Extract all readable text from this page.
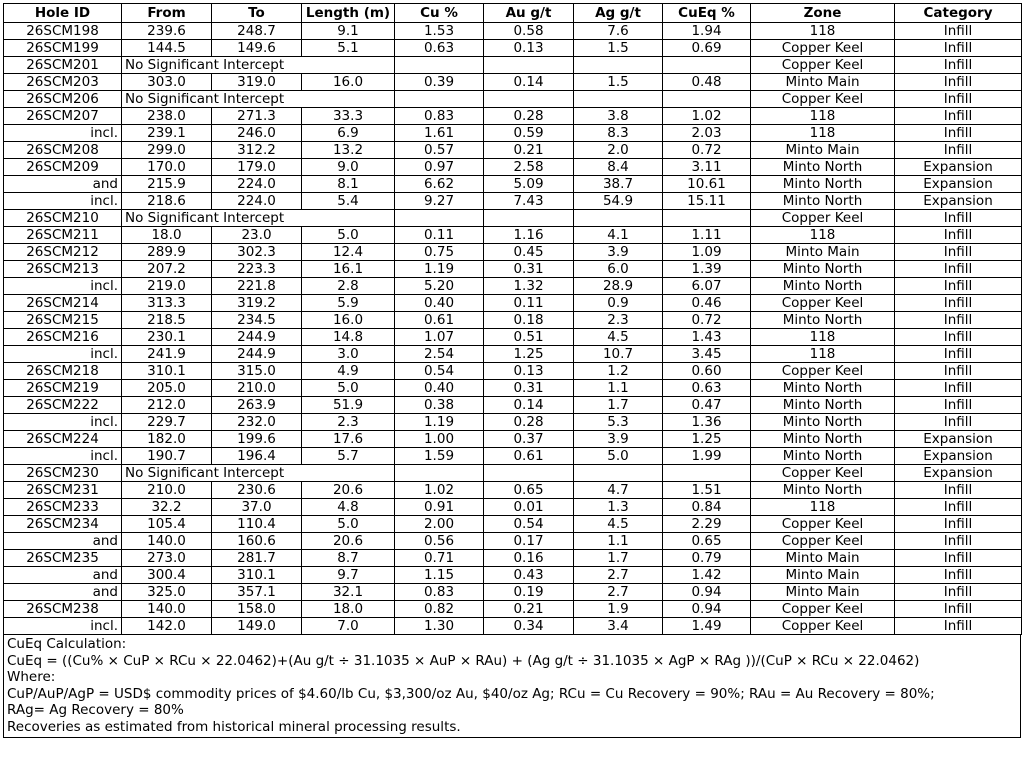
Hole ID	From	To	Length (m)	Cu %	Au g/t	Ag g/t	CuEq %	Zone	Category
26SCM198	239.6	248.7	9.1	1.53	0.58	7.6	1.94	118	Infill
26SCM199	144.5	149.6	5.1	0.63	0.13	1.5	0.69	Copper Keel	Infill
26SCM201	No Significant Intercept							Copper Keel	Infill
26SCM203	303.0	319.0	16.0	0.39	0.14	1.5	0.48	Minto Main	Infill
26SCM206	No Significant Intercept							Copper Keel	Infill
26SCM207	238.0	271.3	33.3	0.83	0.28	3.8	1.02	118	Infill
incl.	239.1	246.0	6.9	1.61	0.59	8.3	2.03	118	Infill
26SCM208	299.0	312.2	13.2	0.57	0.21	2.0	0.72	Minto Main	Infill
26SCM209	170.0	179.0	9.0	0.97	2.58	8.4	3.11	Minto North	Expansion
and	215.9	224.0	8.1	6.62	5.09	38.7	10.61	Minto North	Expansion
incl.	218.6	224.0	5.4	9.27	7.43	54.9	15.11	Minto North	Expansion
26SCM210	No Significant Intercept							Copper Keel	Infill
26SCM211	18.0	23.0	5.0	0.11	1.16	4.1	1.11	118	Infill
26SCM212	289.9	302.3	12.4	0.75	0.45	3.9	1.09	Minto Main	Infill
26SCM213	207.2	223.3	16.1	1.19	0.31	6.0	1.39	Minto North	Infill
incl.	219.0	221.8	2.8	5.20	1.32	28.9	6.07	Minto North	Infill
26SCM214	313.3	319.2	5.9	0.40	0.11	0.9	0.46	Copper Keel	Infill
26SCM215	218.5	234.5	16.0	0.61	0.18	2.3	0.72	Minto North	Infill
26SCM216	230.1	244.9	14.8	1.07	0.51	4.5	1.43	118	Infill
incl.	241.9	244.9	3.0	2.54	1.25	10.7	3.45	118	Infill
26SCM218	310.1	315.0	4.9	0.54	0.13	1.2	0.60	Copper Keel	Infill
26SCM219	205.0	210.0	5.0	0.40	0.31	1.1	0.63	Minto North	Infill
26SCM222	212.0	263.9	51.9	0.38	0.14	1.7	0.47	Minto North	Infill
incl.	229.7	232.0	2.3	1.19	0.28	5.3	1.36	Minto North	Infill
26SCM224	182.0	199.6	17.6	1.00	0.37	3.9	1.25	Minto North	Expansion
incl.	190.7	196.4	5.7	1.59	0.61	5.0	1.99	Minto North	Expansion
26SCM230	No Significant Intercept							Copper Keel	Expansion
26SCM231	210.0	230.6	20.6	1.02	0.65	4.7	1.51	Minto North	Infill
26SCM233	32.2	37.0	4.8	0.91	0.01	1.3	0.84	118	Infill
26SCM234	105.4	110.4	5.0	2.00	0.54	4.5	2.29	Copper Keel	Infill
and	140.0	160.6	20.6	0.56	0.17	1.1	0.65	Copper Keel	Infill
26SCM235	273.0	281.7	8.7	0.71	0.16	1.7	0.79	Minto Main	Infill
and	300.4	310.1	9.7	1.15	0.43	2.7	1.42	Minto Main	Infill
and	325.0	357.1	32.1	0.83	0.19	2.7	0.94	Minto Main	Infill
26SCM238	140.0	158.0	18.0	0.82	0.21	1.9	0.94	Copper Keel	Infill
incl.	142.0	149.0	7.0	1.30	0.34	3.4	1.49	Copper Keel	Infill
CuEq Calculation:
CuEq = ((Cu% × CuP × RCu × 22.0462)+(Au g/t ÷ 31.1035 × AuP × RAu) + (Ag g/t ÷ 31.1035 × AgP × RAg ))/(CuP × RCu × 22.0462)
Where:
CuP/AuP/AgP = USD$ commodity prices of $4.60/lb Cu, $3,300/oz Au, $40/oz Ag; RCu = Cu Recovery = 90%; RAu = Au Recovery = 80%;
RAg= Ag Recovery = 80%
Recoveries as estimated from historical mineral processing results.
